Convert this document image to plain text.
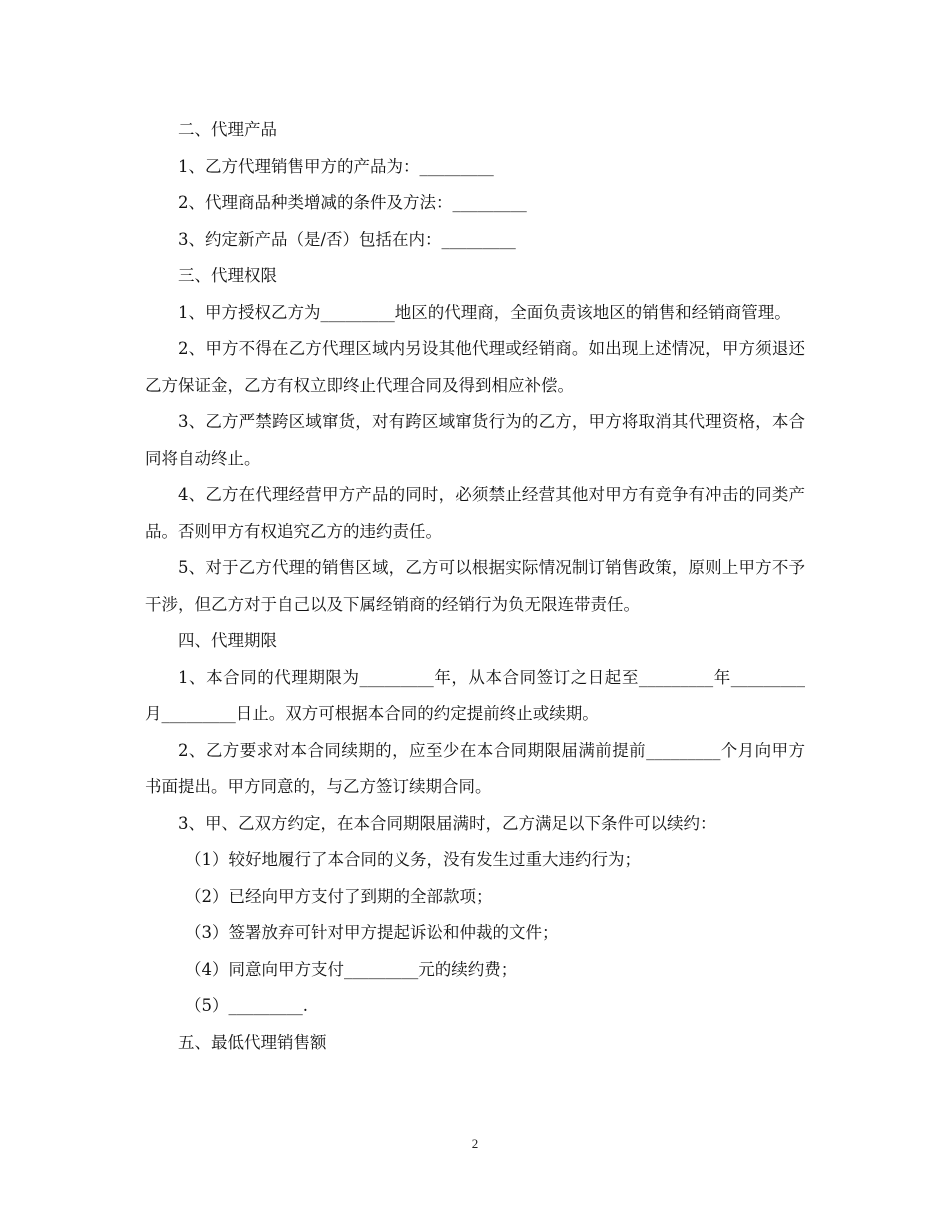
二、代理产品

1、乙方代理销售甲方的产品为：_________

2、代理商品种类增减的条件及方法：_________

3、约定新产品（是/否）包括在内：_________

三、代理权限

1、甲方授权乙方为_________地区的代理商，全面负责该地区的销售和经销商管理。

2、甲方不得在乙方代理区域内另设其他代理或经销商。如出现上述情况，甲方须退还乙方保证金，乙方有权立即终止代理合同及得到相应补偿。

3、乙方严禁跨区域窜货，对有跨区域窜货行为的乙方，甲方将取消其代理资格，本合同将自动终止。

4、乙方在代理经营甲方产品的同时，必须禁止经营其他对甲方有竞争有冲击的同类产品。否则甲方有权追究乙方的违约责任。

5、对于乙方代理的销售区域，乙方可以根据实际情况制订销售政策，原则上甲方不予干涉，但乙方对于自己以及下属经销商的经销行为负无限连带责任。

四、代理期限

1、本合同的代理期限为_________年，从本合同签订之日起至_________年_________月_________日止。双方可根据本合同的约定提前终止或续期。

2、乙方要求对本合同续期的，应至少在本合同期限届满前提前_________个月向甲方书面提出。甲方同意的，与乙方签订续期合同。

3、甲、乙双方约定，在本合同期限届满时，乙方满足以下条件可以续约：

（1）较好地履行了本合同的义务，没有发生过重大违约行为；

（2）已经向甲方支付了到期的全部款项；

（3）签署放弃可针对甲方提起诉讼和仲裁的文件；

（4）同意向甲方支付_________元的续约费；

（5）_________.

五、最低代理销售额

2
